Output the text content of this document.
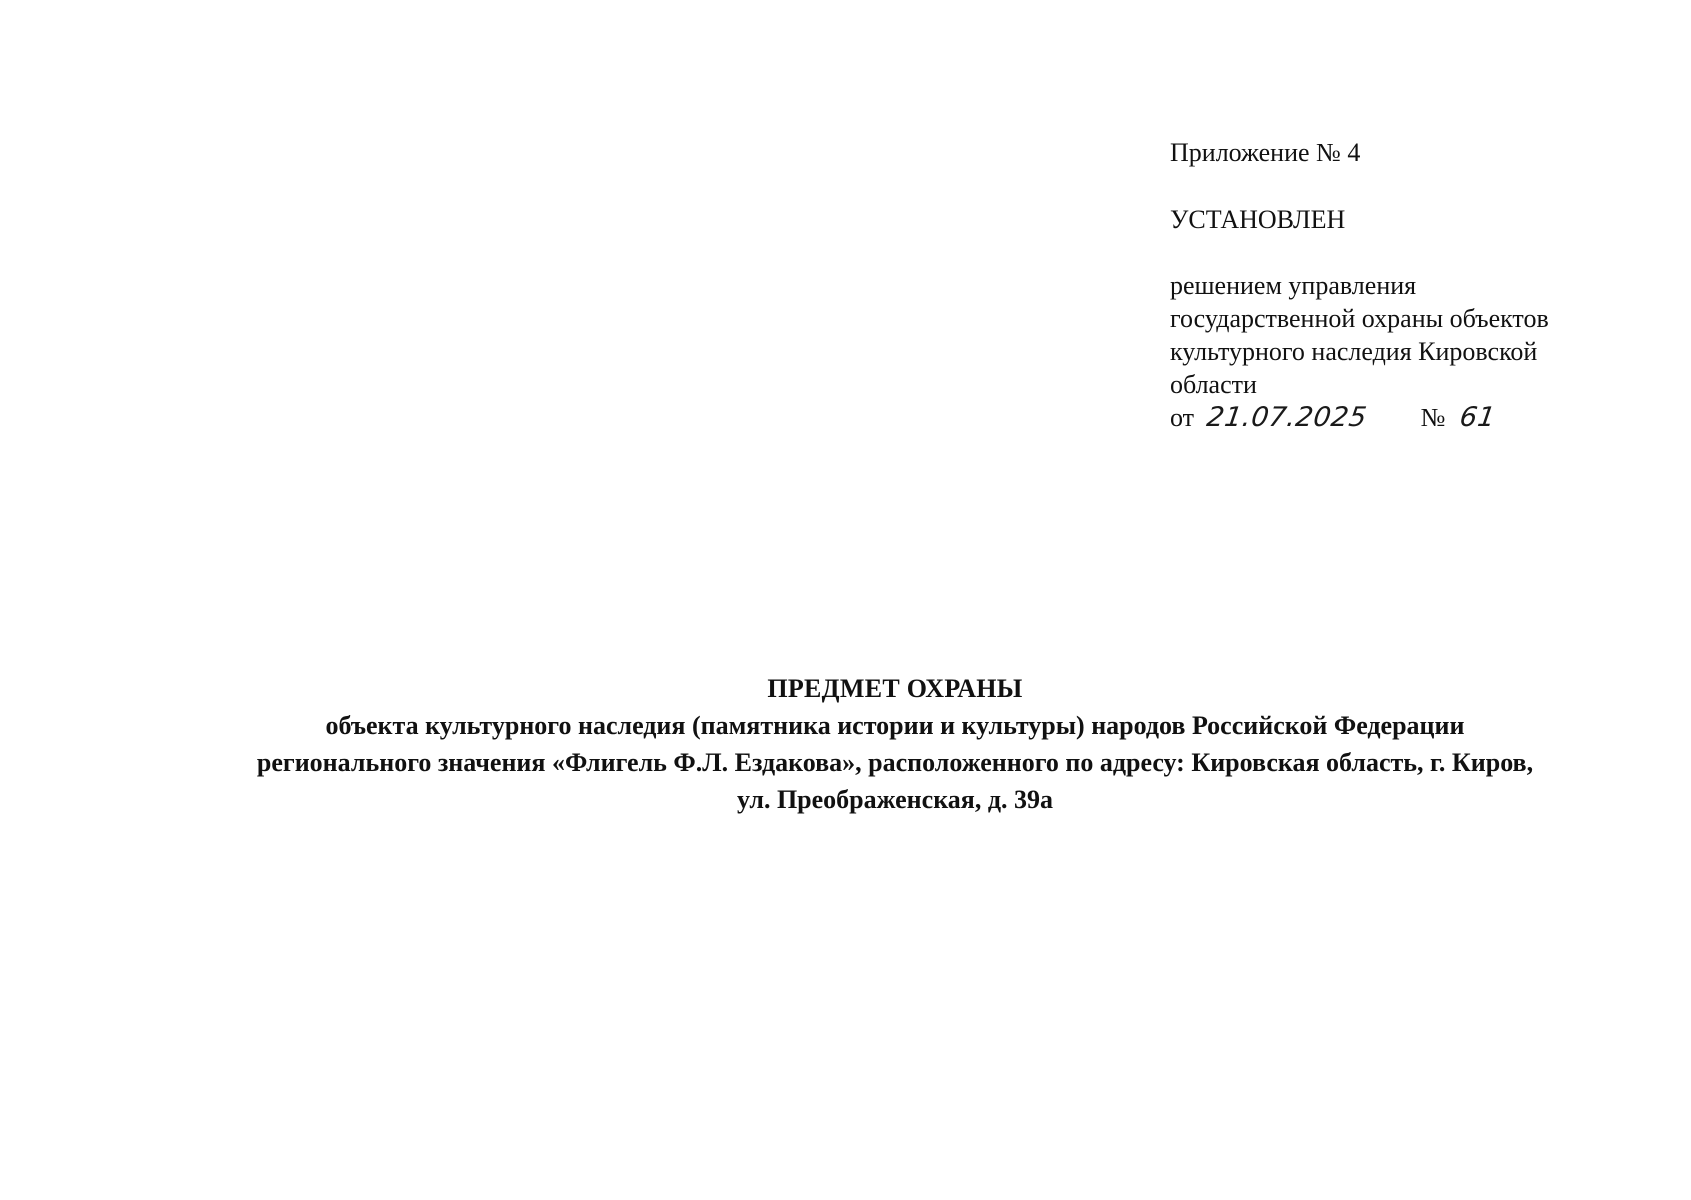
Приложение № 4

УСТАНОВЛЕН

решением управления
государственной охраны объектов
культурного наследия Кировской
области

от 21.07.2025 № 61

ПРЕДМЕТ ОХРАНЫ
объекта культурного наследия (памятника истории и культуры) народов Российской Федерации
регионального значения «Флигель Ф.Л. Ездакова», расположенного по адресу: Кировская область, г. Киров,
ул. Преображенская, д. 39а
